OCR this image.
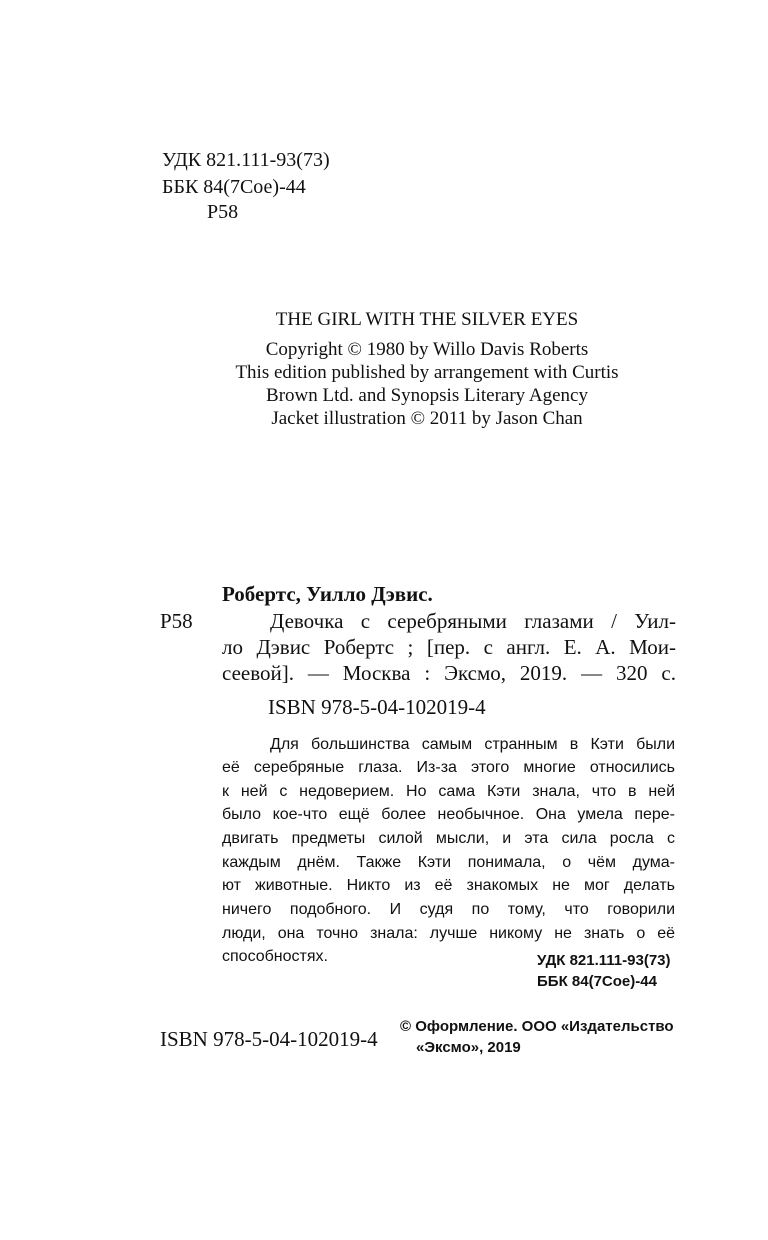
УДК 821.111-93(73)
ББК 84(7Сое)-44
Р58
THE GIRL WITH THE SILVER EYES
Copyright © 1980 by Willo Davis Roberts
This edition published by arrangement with Curtis
Brown Ltd. and Synopsis Literary Agency
Jacket illustration © 2011 by Jason Chan
Робертс, Уилло Дэвис.
Р58	Девочка с серебряными глазами / Уил-
ло Дэвис Робертс ; [пер. с англ. Е. А. Мои-
сеевой]. — Москва : Эксмо, 2019. — 320 с.
ISBN 978-5-04-102019-4
Для большинства самым странным в Кэти были
её серебряные глаза. Из-за этого многие относились
к ней с недоверием. Но сама Кэти знала, что в ней
было кое-что ещё более необычное. Она умела пере-
двигать предметы силой мысли, и эта сила росла с
каждым днём. Также Кэти понимала, о чём дума-
ют животные. Никто из её знакомых не мог делать
ничего подобного. И судя по тому, что говорили
люди, она точно знала: лучше никому не знать о её
способностях.	УДК 821.111-93(73)
ББК 84(7Сое)-44
ISBN 978-5-04-102019-4
© Оформление. ООО «Издательство
«Эксмо», 2019
